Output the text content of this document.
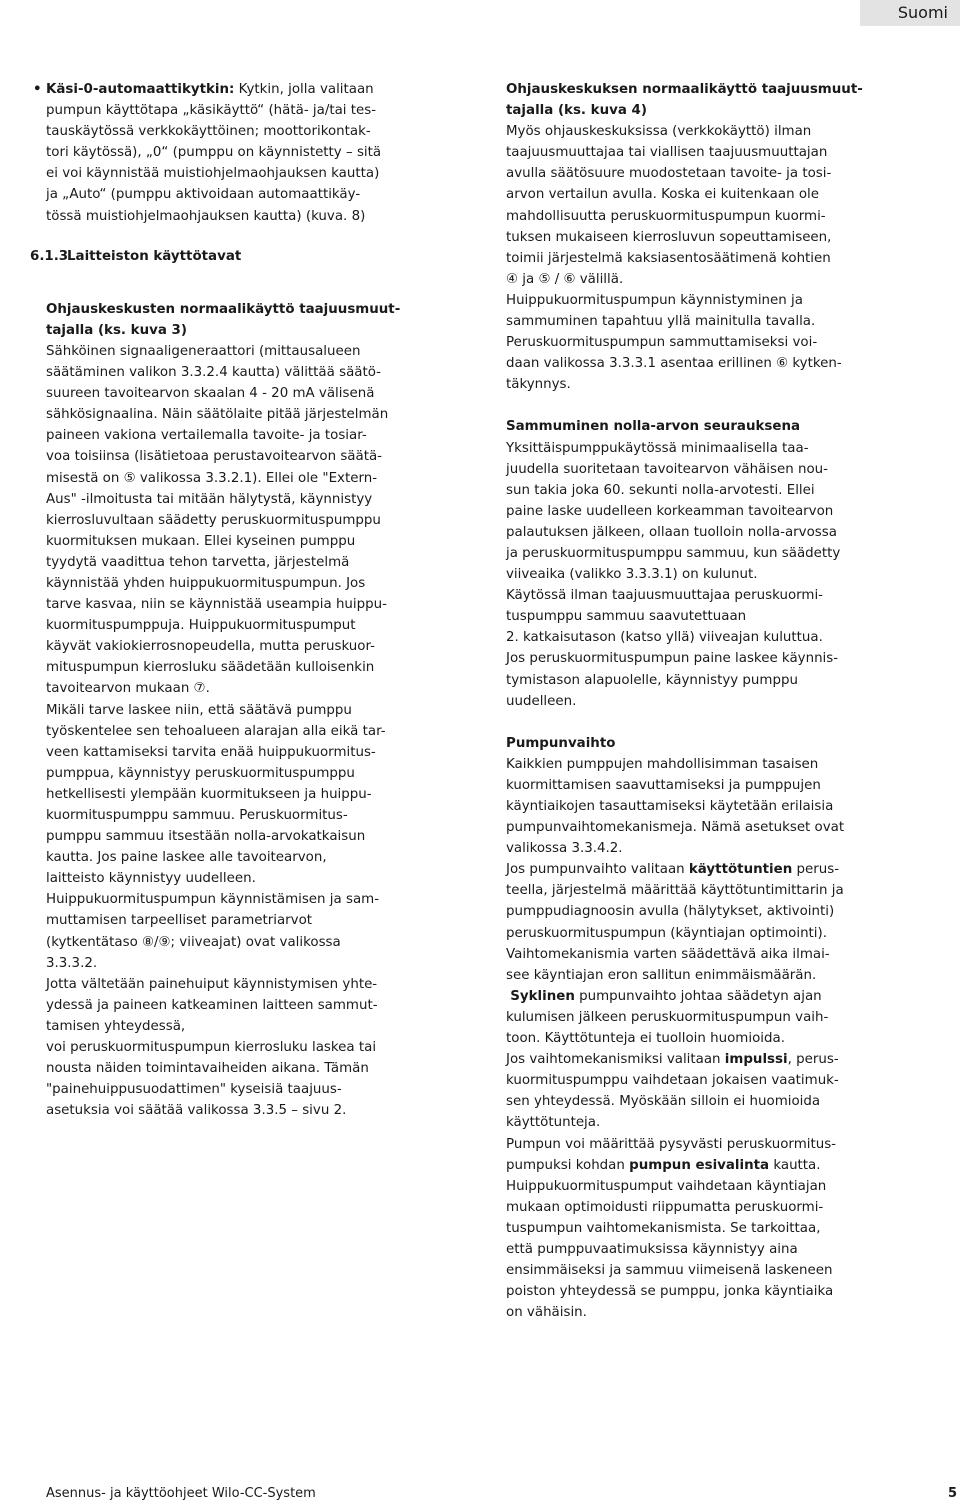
Suomi
• Käsi-0-automaattikytkin: Kytkin, jolla valitaan
pumpun käyttötapa „käsikäyttö“ (hätä- ja/tai tes-
tauskäytössä verkkokäyttöinen; moottorikontak-
tori käytössä), „0“ (pumppu on käynnistetty – sitä
ei voi käynnistää muistiohjelmaohjauksen kautta)
ja „Auto“ (pumppu aktivoidaan automaattikäy-
tössä muistiohjelmaohjauksen kautta) (kuva. 8)
6.1.3Laitteiston käyttötavat
Ohjauskeskusten normaalikäyttö taajuusmuut-
tajalla (ks. kuva 3)
Sähköinen signaaligeneraattori (mittausalueen
säätäminen valikon 3.3.2.4 kautta) välittää säätö-
suureen tavoitearvon skaalan 4 - 20 mA välisenä
sähkösignaalina. Näin säätölaite pitää järjestelmän
paineen vakiona vertailemalla tavoite- ja tosiar-
voa toisiinsa (lisätietoaa perustavoitearvon säätä-
misestä on ⑤ valikossa 3.3.2.1). Ellei ole "Extern-
Aus" -ilmoitusta tai mitään hälytystä, käynnistyy
kierrosluvultaan säädetty peruskuormituspumppu
kuormituksen mukaan. Ellei kyseinen pumppu
tyydytä vaadittua tehon tarvetta, järjestelmä
käynnistää yhden huippukuormituspumpun. Jos
tarve kasvaa, niin se käynnistää useampia huippu-
kuormituspumppuja. Huippukuormituspumput
käyvät vakiokierrosnopeudella, mutta peruskuor-
mituspumpun kierrosluku säädetään kulloisenkin
tavoitearvon mukaan ⑦.
Mikäli tarve laskee niin, että säätävä pumppu
työskentelee sen tehoalueen alarajan alla eikä tar-
veen kattamiseksi tarvita enää huippukuormitus-
pumppua, käynnistyy peruskuormituspumppu
hetkellisesti ylempään kuormitukseen ja huippu-
kuormituspumppu sammuu. Peruskuormitus-
pumppu sammuu itsestään nolla-arvokatkaisun
kautta. Jos paine laskee alle tavoitearvon,
laitteisto käynnistyy uudelleen.
Huippukuormituspumpun käynnistämisen ja sam-
muttamisen tarpeelliset parametriarvot
(kytkentätaso ⑧/⑨; viiveajat) ovat valikossa
3.3.3.2.
Jotta vältetään painehuiput käynnistymisen yhte-
ydessä ja paineen katkeaminen laitteen sammut-
tamisen yhteydessä,
voi peruskuormituspumpun kierrosluku laskea tai
nousta näiden toimintavaiheiden aikana. Tämän
"painehuippusuodattimen" kyseisiä taajuus-
asetuksia voi säätää valikossa 3.3.5 – sivu 2.
Ohjauskeskuksen normaalikäyttö taajuusmuut-
tajalla (ks. kuva 4)
Myös ohjauskeskuksissa (verkkokäyttö) ilman
taajuusmuuttajaa tai viallisen taajuusmuuttajan
avulla säätösuure muodostetaan tavoite- ja tosi-
arvon vertailun avulla. Koska ei kuitenkaan ole
mahdollisuutta peruskuormituspumpun kuormi-
tuksen mukaiseen kierrosluvun sopeuttamiseen,
toimii järjestelmä kaksiasentosäätimenä kohtien
④ ja ⑤ / ⑥ välillä.
Huippukuormituspumpun käynnistyminen ja
sammuminen tapahtuu yllä mainitulla tavalla.
Peruskuormituspumpun sammuttamiseksi voi-
daan valikossa 3.3.3.1 asentaa erillinen ⑥ kytken-
täkynnys.
Sammuminen nolla-arvon seurauksena
Yksittäispumppukäytössä minimaalisella taa-
juudella suoritetaan tavoitearvon vähäisen nou-
sun takia joka 60. sekunti nolla-arvotesti. Ellei
paine laske uudelleen korkeamman tavoitearvon
palautuksen jälkeen, ollaan tuolloin nolla-arvossa
ja peruskuormituspumppu sammuu, kun säädetty
viiveaika (valikko 3.3.3.1) on kulunut.
Käytössä ilman taajuusmuuttajaa peruskuormi-
tuspumppu sammuu saavutettuaan
2. katkaisutason (katso yllä) viiveajan kuluttua.
Jos peruskuormituspumpun paine laskee käynnis-
tymistason alapuolelle, käynnistyy pumppu
uudelleen.
Pumpunvaihto
Kaikkien pumppujen mahdollisimman tasaisen
kuormittamisen saavuttamiseksi ja pumppujen
käyntiaikojen tasauttamiseksi käytetään erilaisia
pumpunvaihtomekanismeja. Nämä asetukset ovat
valikossa 3.3.4.2.
Jos pumpunvaihto valitaan käyttötuntien perus-
teella, järjestelmä määrittää käyttötuntimittarin ja
pumppudiagnoosin avulla (hälytykset, aktivointi)
peruskuormituspumpun (käyntiajan optimointi).
Vaihtomekanismia varten säädettävä aika ilmai-
see käyntiajan eron sallitun enimmäismäärän.
Syklinen pumpunvaihto johtaa säädetyn ajan
kulumisen jälkeen peruskuormituspumpun vaih-
toon. Käyttötunteja ei tuolloin huomioida.
Jos vaihtomekanismiksi valitaan impulssi, perus-
kuormituspumppu vaihdetaan jokaisen vaatimuk-
sen yhteydessä. Myöskään silloin ei huomioida
käyttötunteja.
Pumpun voi määrittää pysyvästi peruskuormitus-
pumpuksi kohdan pumpun esivalinta kautta.
Huippukuormituspumput vaihdetaan käyntiajan
mukaan optimoidusti riippumatta peruskuormi-
tuspumpun vaihtomekanismista. Se tarkoittaa,
että pumppuvaatimuksissa käynnistyy aina
ensimmäiseksi ja sammuu viimeisenä laskeneen
poiston yhteydessä se pumppu, jonka käyntiaika
on vähäisin.
Asennus- ja käyttöohjeet Wilo-CC-System	5
